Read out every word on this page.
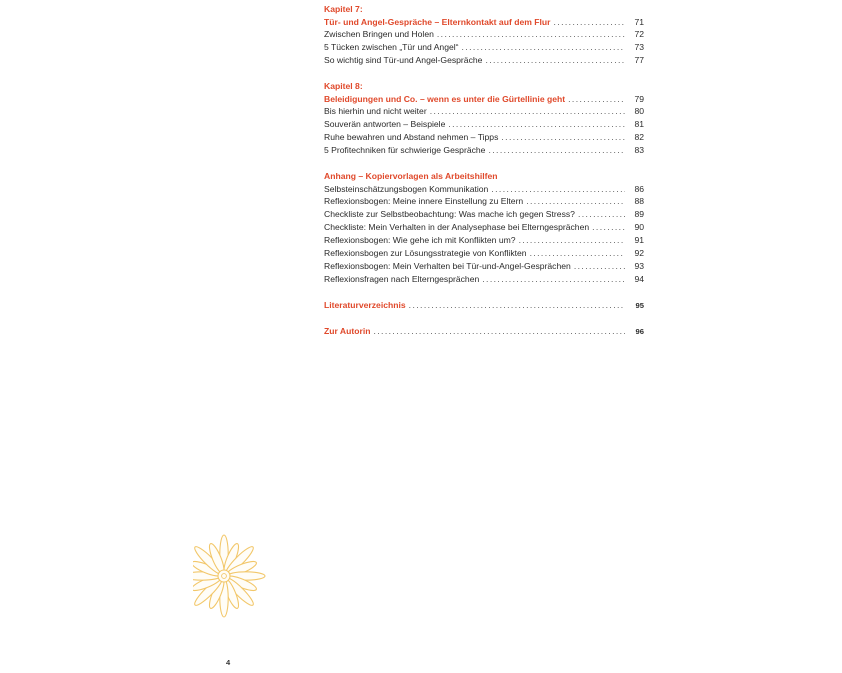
Kapitel 7:
Tür- und Angel-Gespräche – Elternkontakt auf dem Flur .....	71
Zwischen Bringen und Holen .....	72
5 Tücken zwischen „Tür und Angel“ .....	73
So wichtig sind Tür-und Angel-Gespräche .....	77
Kapitel 8:
Beleidigungen und Co. – wenn es unter die Gürtellinie geht .....	79
Bis hierhin und nicht weiter .....	80
Souverän antworten – Beispiele .....	81
Ruhe bewahren und Abstand nehmen – Tipps .....	82
5 Profitechniken für schwierige Gespräche .....	83
Anhang – Kopiervorlagen als Arbeitshilfen
Selbsteinschätzungsbogen Kommunikation .....	86
Reflexionsbogen: Meine innere Einstellung zu Eltern .....	88
Checkliste zur Selbstbeobachtung: Was mache ich gegen Stress? .....	89
Checkliste: Mein Verhalten in der Analysephase bei Elterngesprächen .....	90
Reflexionsbogen: Wie gehe ich mit Konflikten um? .....	91
Reflexionsbogen zur Lösungsstrategie von Konflikten .....	92
Reflexionsbogen: Mein Verhalten bei Tür-und-Angel-Gesprächen .....	93
Reflexionsfragen nach Elterngesprächen .....	94
Literaturverzeichnis .....	95
Zur Autorin .....	96
4
